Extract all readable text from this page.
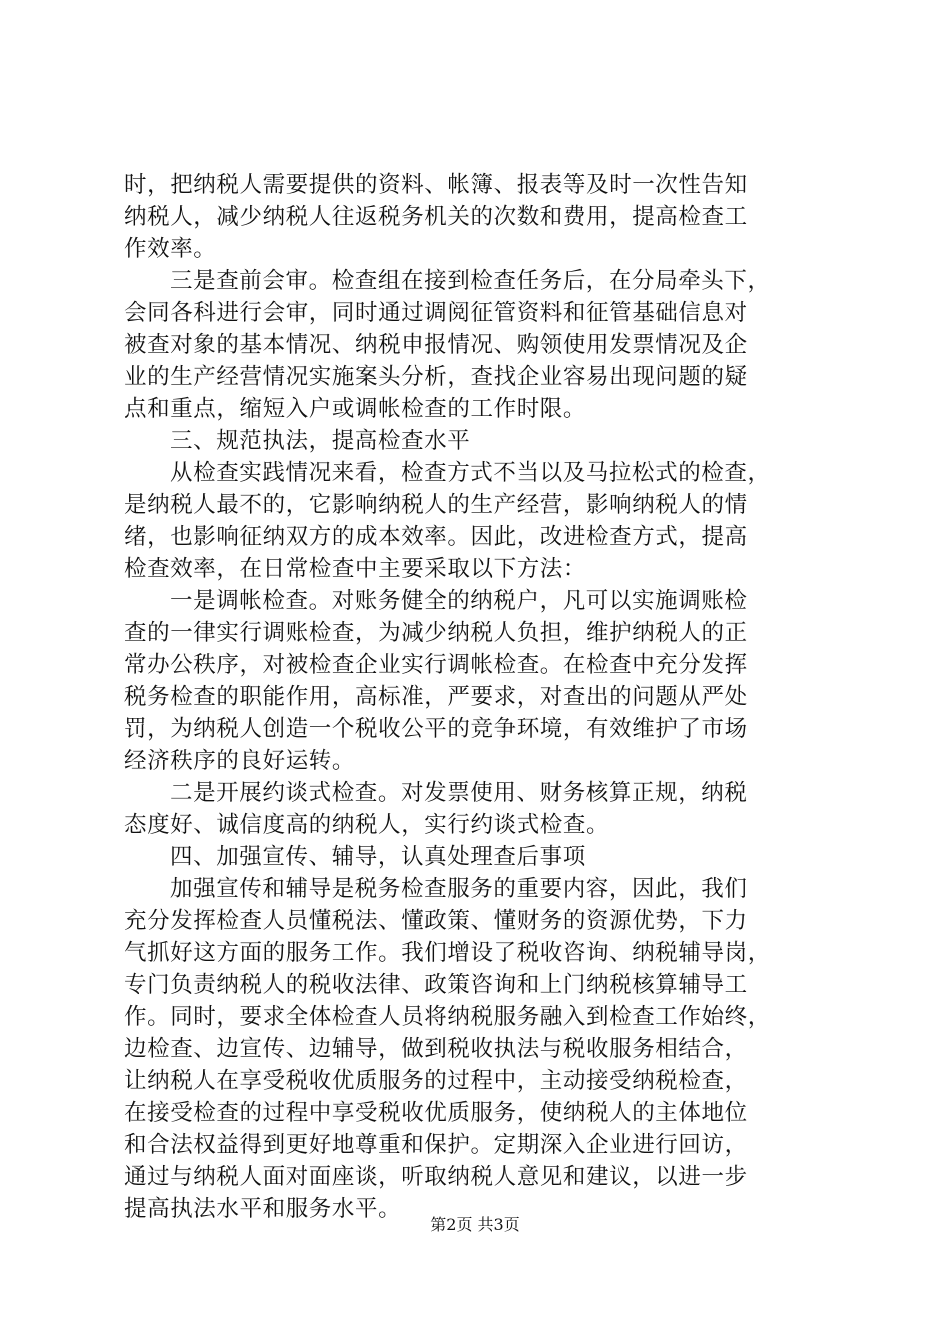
时，把纳税人需要提供的资料、帐簿、报表等及时一次性告知
纳税人，减少纳税人往返税务机关的次数和费用，提高检查工
作效率。
三是查前会审。检查组在接到检查任务后，在分局牵头下，
会同各科进行会审，同时通过调阅征管资料和征管基础信息对
被查对象的基本情况、纳税申报情况、购领使用发票情况及企
业的生产经营情况实施案头分析，查找企业容易出现问题的疑
点和重点，缩短入户或调帐检查的工作时限。
三、规范执法，提高检查水平
从检查实践情况来看，检查方式不当以及马拉松式的检查，
是纳税人最不的，它影响纳税人的生产经营，影响纳税人的情
绪，也影响征纳双方的成本效率。因此，改进检查方式，提高
检查效率，在日常检查中主要采取以下方法：
一是调帐检查。对账务健全的纳税户，凡可以实施调账检
查的一律实行调账检查，为减少纳税人负担，维护纳税人的正
常办公秩序，对被检查企业实行调帐检查。在检查中充分发挥
税务检查的职能作用，高标准，严要求，对查出的问题从严处
罚，为纳税人创造一个税收公平的竞争环境，有效维护了市场
经济秩序的良好运转。
二是开展约谈式检查。对发票使用、财务核算正规，纳税
态度好、诚信度高的纳税人，实行约谈式检查。
四、加强宣传、辅导，认真处理查后事项
加强宣传和辅导是税务检查服务的重要内容，因此，我们
充分发挥检查人员懂税法、懂政策、懂财务的资源优势，下力
气抓好这方面的服务工作。我们增设了税收咨询、纳税辅导岗，
专门负责纳税人的税收法律、政策咨询和上门纳税核算辅导工
作。同时，要求全体检查人员将纳税服务融入到检查工作始终，
边检查、边宣传、边辅导，做到税收执法与税收服务相结合，
让纳税人在享受税收优质服务的过程中，主动接受纳税检查，
在接受检查的过程中享受税收优质服务，使纳税人的主体地位
和合法权益得到更好地尊重和保护。定期深入企业进行回访，
通过与纳税人面对面座谈，听取纳税人意见和建议，以进一步
提高执法水平和服务水平。
第2页 共3页
